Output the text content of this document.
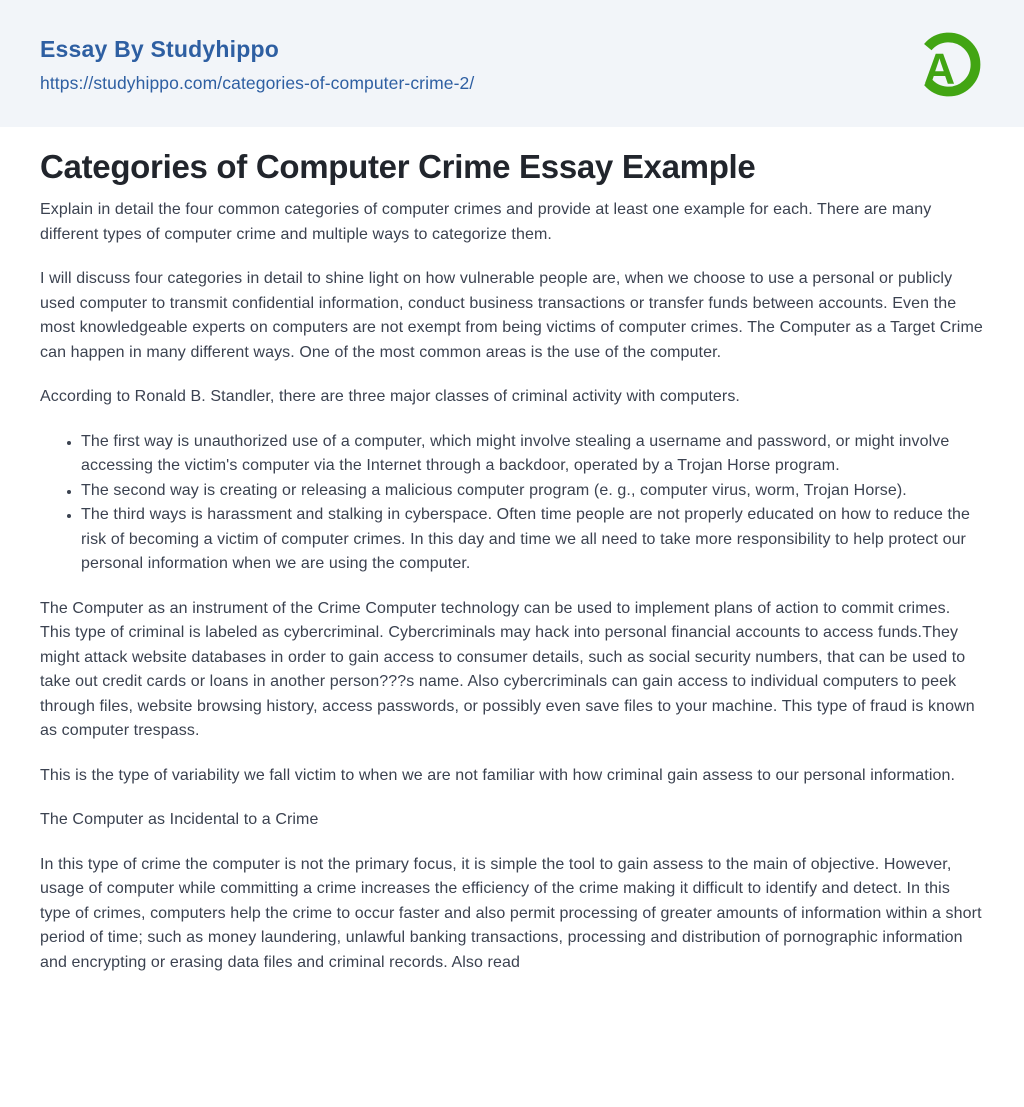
Essay By Studyhippo
https://studyhippo.com/categories-of-computer-crime-2/	A
Categories of Computer Crime Essay Example

Explain in detail the four common categories of computer crimes and provide at least one example for each. There are many different types of computer crime and multiple ways to categorize them.

I will discuss four categories in detail to shine light on how vulnerable people are, when we choose to use a personal or publicly used computer to transmit confidential information, conduct business transactions or transfer funds between accounts. Even the most knowledgeable experts on computers are not exempt from being victims of computer crimes. The Computer as a Target Crime can happen in many different ways. One of the most common areas is the use of the computer.

According to Ronald B. Standler, there are three major classes of criminal activity with computers.

• The first way is unauthorized use of a computer, which might involve stealing a username and password, or might involve accessing the victim's computer via the Internet through a backdoor, operated by a Trojan Horse program.
• The second way is creating or releasing a malicious computer program (e. g., computer virus, worm, Trojan Horse).
• The third ways is harassment and stalking in cyberspace. Often time people are not properly educated on how to reduce the risk of becoming a victim of computer crimes. In this day and time we all need to take more responsibility to help protect our personal information when we are using the computer.

The Computer as an instrument of the Crime Computer technology can be used to implement plans of action to commit crimes. This type of criminal is labeled as cybercriminal. Cybercriminals may hack into personal financial accounts to access funds.They might attack website databases in order to gain access to consumer details, such as social security numbers, that can be used to take out credit cards or loans in another person???s name. Also cybercriminals can gain access to individual computers to peek through files, website browsing history, access passwords, or possibly even save files to your machine. This type of fraud is known as computer trespass.

This is the type of variability we fall victim to when we are not familiar with how criminal gain assess to our personal information.

The Computer as Incidental to a Crime

In this type of crime the computer is not the primary focus, it is simple the tool to gain assess to the main of objective. However, usage of computer while committing a crime increases the efficiency of the crime making it difficult to identify and detect. In this type of crimes, computers help the crime to occur faster and also permit processing of greater amounts of information within a short period of time; such as money laundering, unlawful banking transactions, processing and distribution of pornographic information and encrypting or erasing data files and criminal records. Also read
